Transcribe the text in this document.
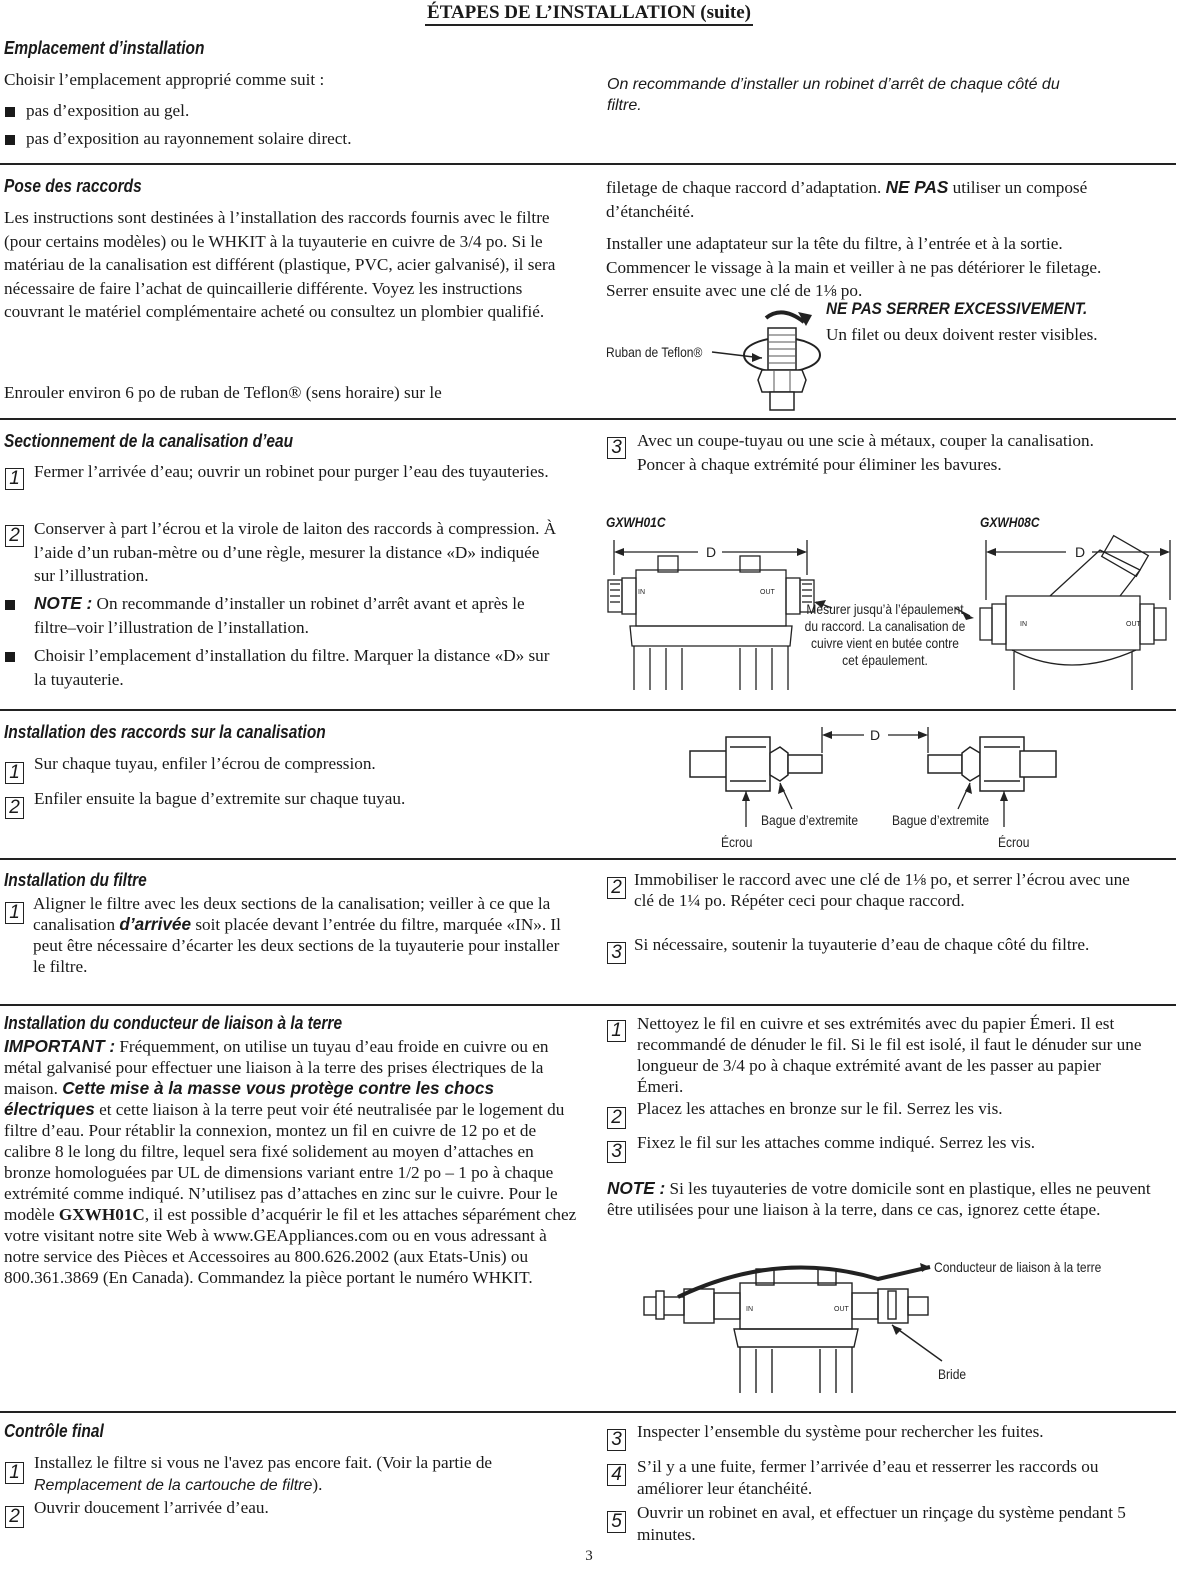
ÉTAPES DE L’INSTALLATION (suite)
Emplacement d’installation
Choisir l’emplacement approprié comme suit :
pas d’exposition au gel.
pas d’exposition au rayonnement solaire direct.
On recommande d’installer un robinet d’arrêt de chaque côté du filtre.
Pose des raccords
Les instructions sont destinées à l’installation des raccords fournis avec le filtre (pour certains modèles) ou le WHKIT à la tuyauterie en cuivre de 3/4 po. Si le matériau de la canalisation est différent (plastique, PVC, acier galvanisé), il sera nécessaire de faire l’achat de quincaillerie différente. Voyez les instructions couvrant le matériel complémentaire acheté ou consultez un plombier qualifié.
Enrouler environ 6 po de ruban de Teflon® (sens horaire) sur le
filetage de chaque raccord d’adaptation. NE PAS utiliser un composé d’étanchéité.
Installer une adaptateur sur la tête du filtre, à l’entrée et à la sortie. Commencer le vissage à la main et veiller à ne pas détériorer le filetage. Serrer ensuite avec une clé de 1⅛ po.
NE PAS SERRER EXCESSIVEMENT.
Un filet ou deux doivent rester visibles.
Ruban de Teflon®
Sectionnement de la canalisation d’eau
1 Fermer l’arrivée d’eau; ouvrir un robinet pour purger l’eau des tuyauteries.
2 Conserver à part l’écrou et la virole de laiton des raccords à compression. À l’aide d’un ruban-mètre ou d’une règle, mesurer la distance «D» indiquée sur l’illustration.
NOTE : On recommande d’installer un robinet d’arrêt avant et après le filtre–voir l’illustration de l’installation.
Choisir l’emplacement d’installation du filtre. Marquer la distance «D» sur la tuyauterie.
3 Avec un coupe-tuyau ou une scie à métaux, couper la canalisation. Poncer à chaque extrémité pour éliminer les bavures.
GXWH01C	GXWH08C
D	D
IN	OUT
IN	OUT
Mesurer jusqu’à l’épaulement du raccord. La canalisation de cuivre vient en butée contre cet épaulement.
Installation des raccords sur la canalisation
1 Sur chaque tuyau, enfiler l’écrou de compression.
2 Enfiler ensuite la bague d’extremite sur chaque tuyau.
D
Bague d’extremite Bague d’extremite
Écrou	Écrou
Installation du filtre
1 Aligner le filtre avec les deux sections de la canalisation; veiller à ce que la canalisation d’arrivée soit placée devant l’entrée du filtre, marquée «IN». Il peut être nécessaire d’écarter les deux sections de la tuyauterie pour installer le filtre.
2 Immobiliser le raccord avec une clé de 1⅛ po, et serrer l’écrou avec une clé de 1¼ po. Répéter ceci pour chaque raccord.
3 Si nécessaire, soutenir la tuyauterie d’eau de chaque côté du filtre.
Installation du conducteur de liaison à la terre
IMPORTANT : Fréquemment, on utilise un tuyau d’eau froide en cuivre ou en métal galvanisé pour effectuer une liaison à la terre des prises électriques de la maison. Cette mise à la masse vous protège contre les chocs électriques et cette liaison à la terre peut voir été neutralisée par le logement du filtre d’eau. Pour rétablir la connexion, montez un fil en cuivre de 12 po et de calibre 8 le long du filtre, lequel sera fixé solidement au moyen d’attaches en bronze homologuées par UL de dimensions variant entre 1/2 po – 1 po à chaque extrémité comme indiqué. N’utilisez pas d’attaches en zinc sur le cuivre. Pour le modèle GXWH01C, il est possible d’acquérir le fil et les attaches séparément chez votre visitant notre site Web à www.GEAppliances.com ou en vous adressant à notre service des Pièces et Accessoires au 800.626.2002 (aux Etats-Unis) ou 800.361.3869 (En Canada). Commandez la pièce portant le numéro WHKIT.
1 Nettoyez le fil en cuivre et ses extrémités avec du papier Émeri. Il est recommandé de dénuder le fil. Si le fil est isolé, il faut le dénuder sur une longueur de 3/4 po à chaque extrémité avant de les passer au papier Émeri.
2 Placez les attaches en bronze sur le fil. Serrez les vis.
3 Fixez le fil sur les attaches comme indiqué. Serrez les vis.
NOTE : Si les tuyauteries de votre domicile sont en plastique, elles ne peuvent être utilisées pour une liaison à la terre, dans ce cas, ignorez cette étape.
IN	OUT
Conducteur de liaison à la terre
Bride
Contrôle final
1 Installez le filtre si vous ne l'avez pas encore fait. (Voir la partie de Remplacement de la cartouche de filtre).
2 Ouvrir doucement l’arrivée d’eau.
3 Inspecter l’ensemble du système pour rechercher les fuites.
4 S’il y a une fuite, fermer l’arrivée d’eau et resserrer les raccords ou améliorer leur étanchéité.
5 Ouvrir un robinet en aval, et effectuer un rinçage du système pendant 5 minutes.
3
